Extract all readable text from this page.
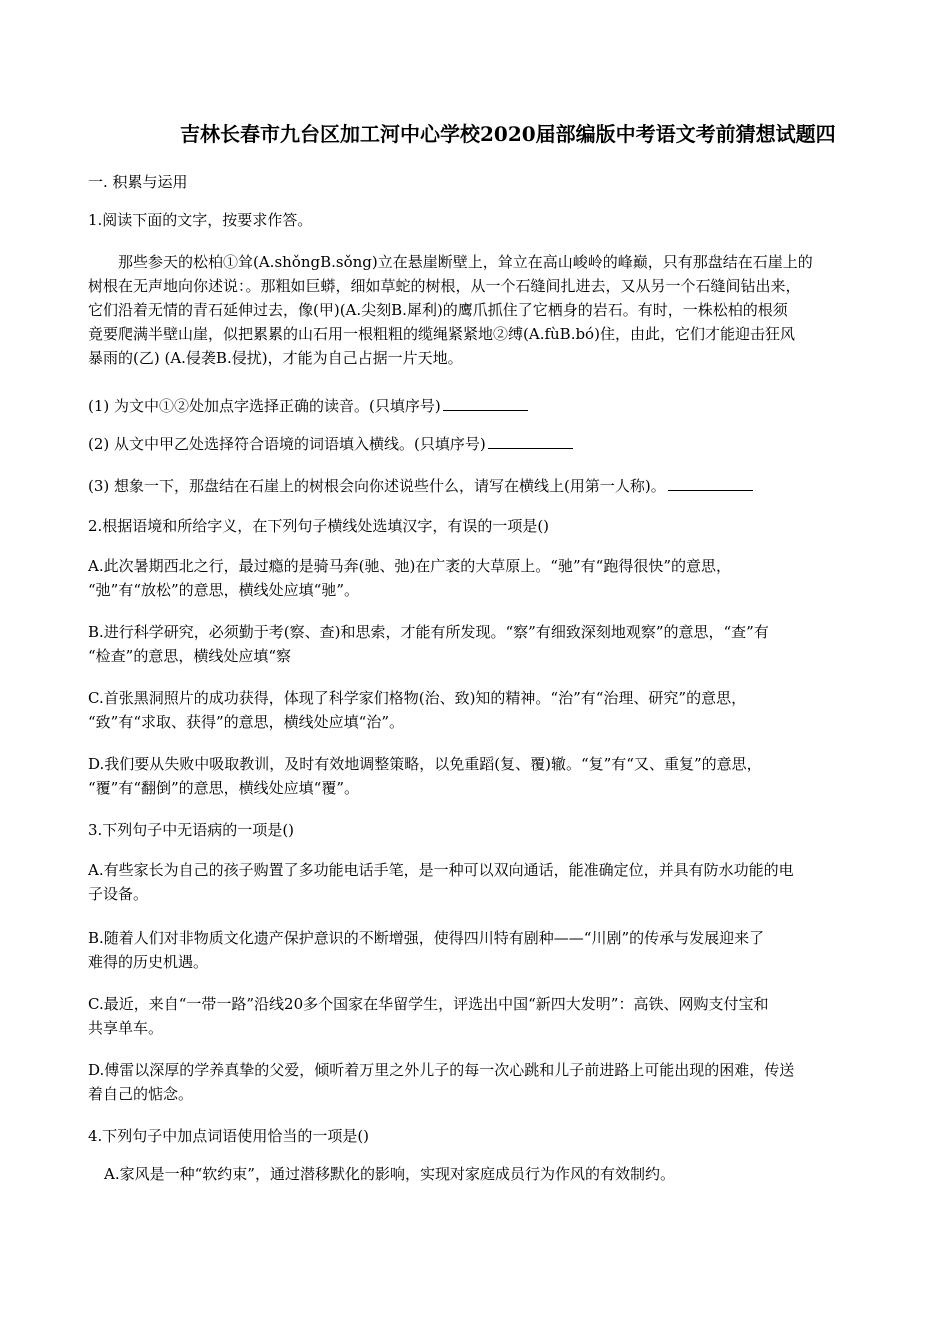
吉林长春市九台区加工河中心学校2020届部编版中考语文考前猜想试题四
一. 积累与运用
1.阅读下面的文字，按要求作答。
那些参天的松柏①耸(A.shǒngB.sǒng)立在悬崖断壁上，耸立在高山峻岭的峰巅，只有那盘结在石崖上的
树根在无声地向你述说：。那粗如巨蟒，细如草蛇的树根，从一个石缝间扎进去，又从另一个石缝间钻出来，
它们沿着无情的青石延伸过去，像(甲)(A.尖刻B.犀利)的鹰爪抓住了它栖身的岩石。有时，一株松柏的根须
竟要爬满半壁山崖，似把累累的山石用一根粗粗的缆绳紧紧地②缚(A.fùB.bó)住，由此，它们才能迎击狂风
暴雨的(乙) (A.侵袭B.侵扰)，才能为自己占据一片天地。
(1) 为文中①②处加点字选择正确的读音。(只填序号)
(2) 从文中甲乙处选择符合语境的词语填入横线。(只填序号)
(3) 想象一下，那盘结在石崖上的树根会向你述说些什么，请写在横线上(用第一人称)。
2.根据语境和所给字义，在下列句子横线处选填汉字，有误的一项是()
A.此次暑期西北之行，最过瘾的是骑马奔(驰、弛)在广袤的大草原上。“驰”有“跑得很快”的意思，
“弛”有“放松”的意思，横线处应填“驰”。
B.进行科学研究，必须勤于考(察、查)和思索，才能有所发现。“察”有细致深刻地观察”的意思，“查”有
“检查”的意思，横线处应填“察
C.首张黑洞照片的成功获得，体现了科学家们格物(治、致)知的精神。“治”有“治理、研究”的意思，
“致”有“求取、获得”的意思，横线处应填“治”。
D.我们要从失败中吸取教训，及时有效地调整策略，以免重蹈(复、覆)辙。“复”有“又、重复”的意思，
“覆”有“翻倒”的意思，横线处应填“覆”。
3.下列句子中无语病的一项是()
A.有些家长为自己的孩子购置了多功能电话手笔，是一种可以双向通话，能准确定位，并具有防水功能的电
子设备。
B.随着人们对非物质文化遗产保护意识的不断增强，使得四川特有剧种——“川剧”的传承与发展迎来了
难得的历史机遇。
C.最近，来自“一带一路”沿线20多个国家在华留学生，评选出中国“新四大发明”：高铁、网购支付宝和
共享单车。
D.傅雷以深厚的学养真挚的父爱，倾听着万里之外儿子的每一次心跳和儿子前进路上可能出现的困难，传送
着自己的惦念。
4.下列句子中加点词语使用恰当的一项是()
A.家风是一种“软约束”，通过潜移默化的影响，实现对家庭成员行为作风的有效制约。
